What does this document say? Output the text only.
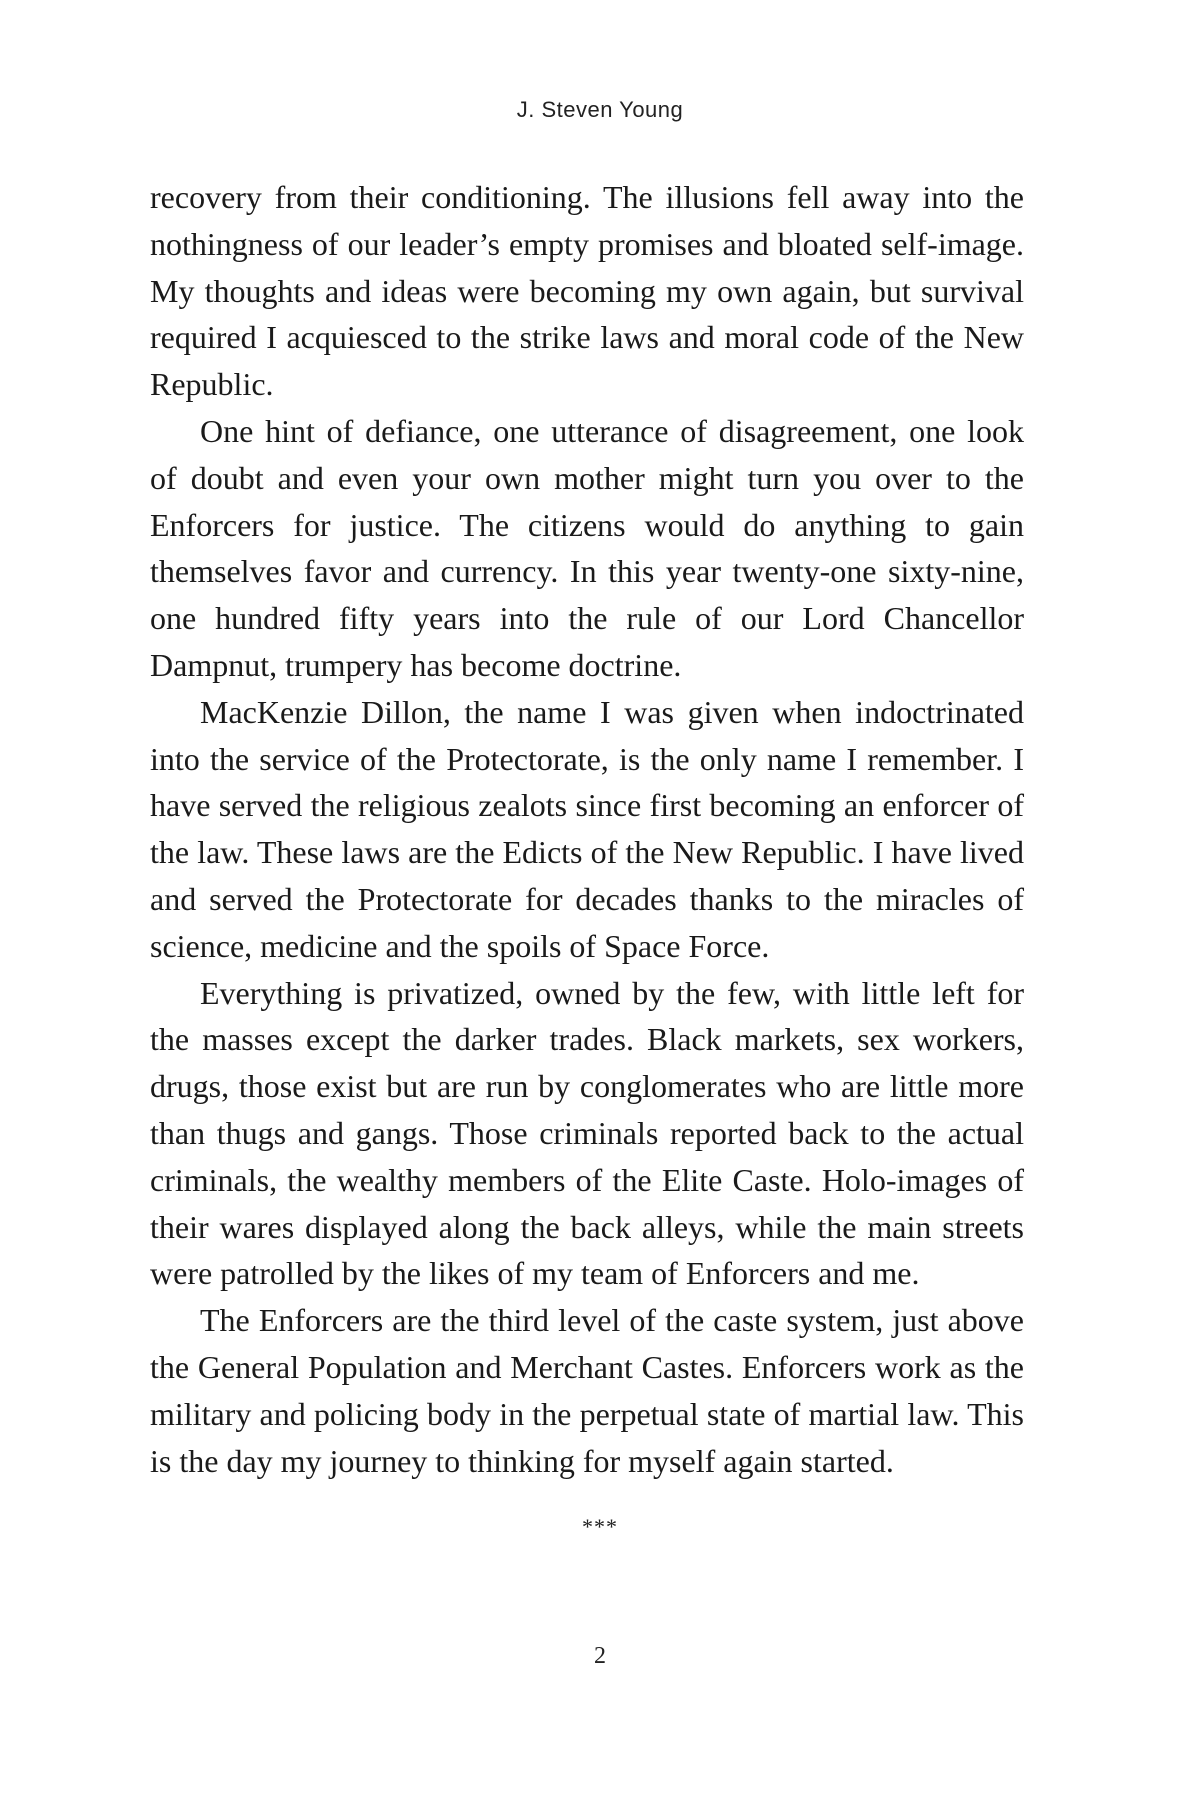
J. Steven Young

recovery from their conditioning. The illusions fell away into the nothingness of our leader’s empty promises and bloated self-image. My thoughts and ideas were becoming my own again, but survival required I acquiesced to the strike laws and moral code of the New Republic.

One hint of defiance, one utterance of disagreement, one look of doubt and even your own mother might turn you over to the Enforcers for justice. The citizens would do anything to gain themselves favor and currency. In this year twenty-one sixty-nine, one hundred fifty years into the rule of our Lord Chancellor Dampnut, trumpery has become doctrine.

MacKenzie Dillon, the name I was given when indoctrinated into the service of the Protectorate, is the only name I remember. I have served the religious zealots since first becoming an enforcer of the law. These laws are the Edicts of the New Republic. I have lived and served the Protectorate for decades thanks to the miracles of science, medicine and the spoils of Space Force.

Everything is privatized, owned by the few, with little left for the masses except the darker trades. Black markets, sex workers, drugs, those exist but are run by conglomerates who are little more than thugs and gangs. Those criminals reported back to the actual criminals, the wealthy members of the Elite Caste. Holo-images of their wares displayed along the back alleys, while the main streets were patrolled by the likes of my team of Enforcers and me.

The Enforcers are the third level of the caste system, just above the General Population and Merchant Castes. Enforcers work as the military and policing body in the perpetual state of martial law. This is the day my journey to thinking for myself again started.

***
2
